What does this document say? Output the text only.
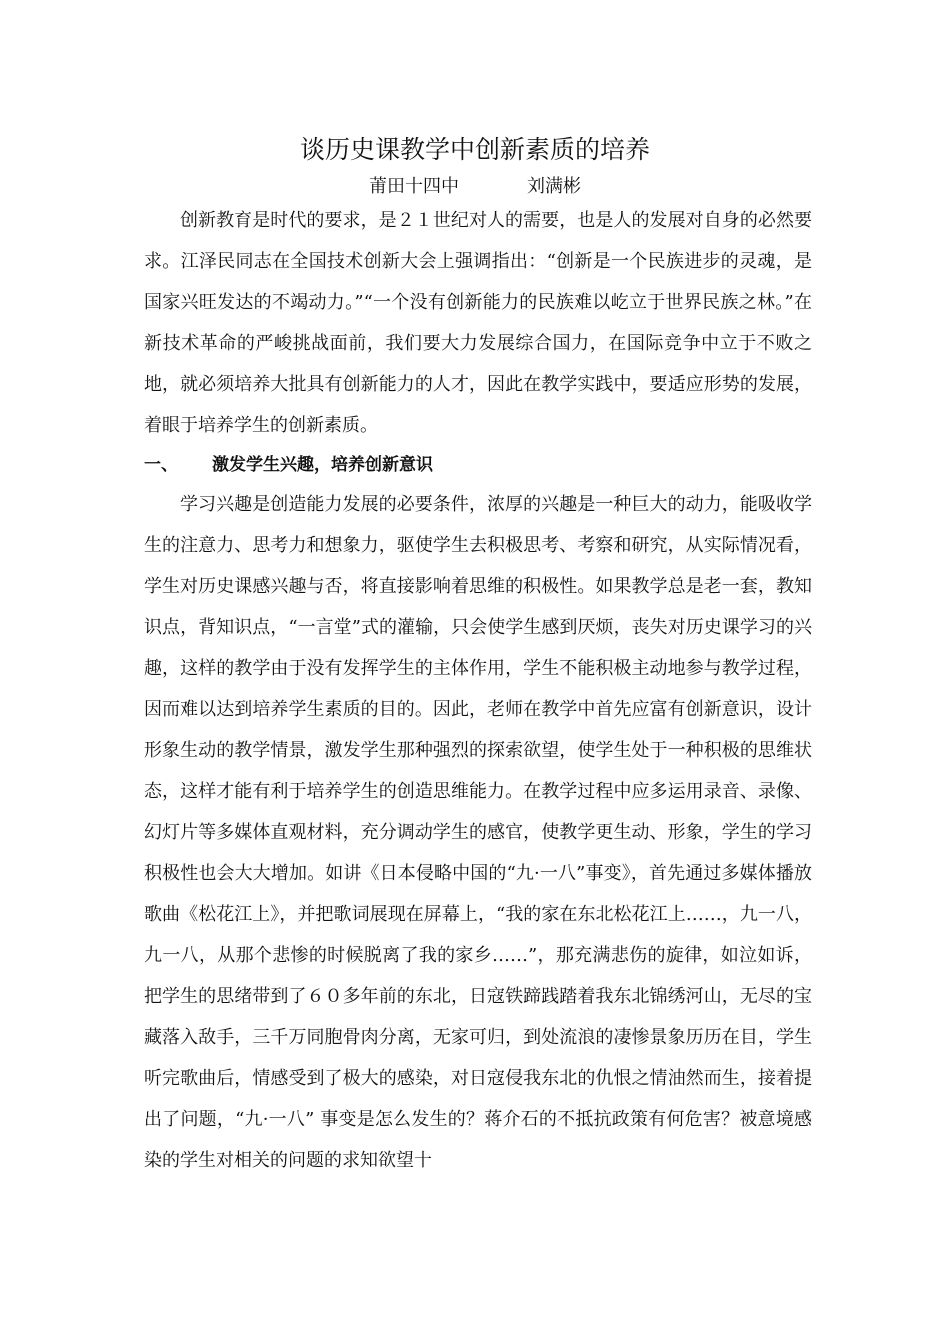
谈历史课教学中创新素质的培养
莆田十四中	刘满彬

创新教育是时代的要求，是２１世纪对人的需要，也是人的发展对自身的必然要求。江泽民同志在全国技术创新大会上强调指出：“创新是一个民族进步的灵魂，是国家兴旺发达的不竭动力。”“一个没有创新能力的民族难以屹立于世界民族之林。”在新技术革命的严峻挑战面前，我们要大力发展综合国力，在国际竞争中立于不败之地，就必须培养大批具有创新能力的人才，因此在教学实践中，要适应形势的发展，着眼于培养学生的创新素质。

一、 激发学生兴趣，培养创新意识

学习兴趣是创造能力发展的必要条件，浓厚的兴趣是一种巨大的动力，能吸收学生的注意力、思考力和想象力，驱使学生去积极思考、考察和研究，从实际情况看，学生对历史课感兴趣与否，将直接影响着思维的积极性。如果教学总是老一套，教知识点，背知识点，“一言堂”式的灌输，只会使学生感到厌烦，丧失对历史课学习的兴趣，这样的教学由于没有发挥学生的主体作用，学生不能积极主动地参与教学过程，因而难以达到培养学生素质的目的。因此，老师在教学中首先应富有创新意识，设计形象生动的教学情景，激发学生那种强烈的探索欲望，使学生处于一种积极的思维状态，这样才能有利于培养学生的创造思维能力。在教学过程中应多运用录音、录像、幻灯片等多媒体直观材料，充分调动学生的感官，使教学更生动、形象，学生的学习积极性也会大大增加。如讲《日本侵略中国的“九·一八”事变》，首先通过多媒体播放歌曲《松花江上》，并把歌词展现在屏幕上，“我的家在东北松花江上……，九一八，九一八，从那个悲惨的时候脱离了我的家乡……”，那充满悲伤的旋律，如泣如诉，把学生的思绪带到了６０多年前的东北，日寇铁蹄践踏着我东北锦绣河山，无尽的宝藏落入敌手，三千万同胞骨肉分离，无家可归，到处流浪的凄惨景象历历在目，学生听完歌曲后，情感受到了极大的感染，对日寇侵我东北的仇恨之情油然而生，接着提出了问题，“九·一八” 事变是怎么发生的？蒋介石的不抵抗政策有何危害？被意境感染的学生对相关的问题的求知欲望十
